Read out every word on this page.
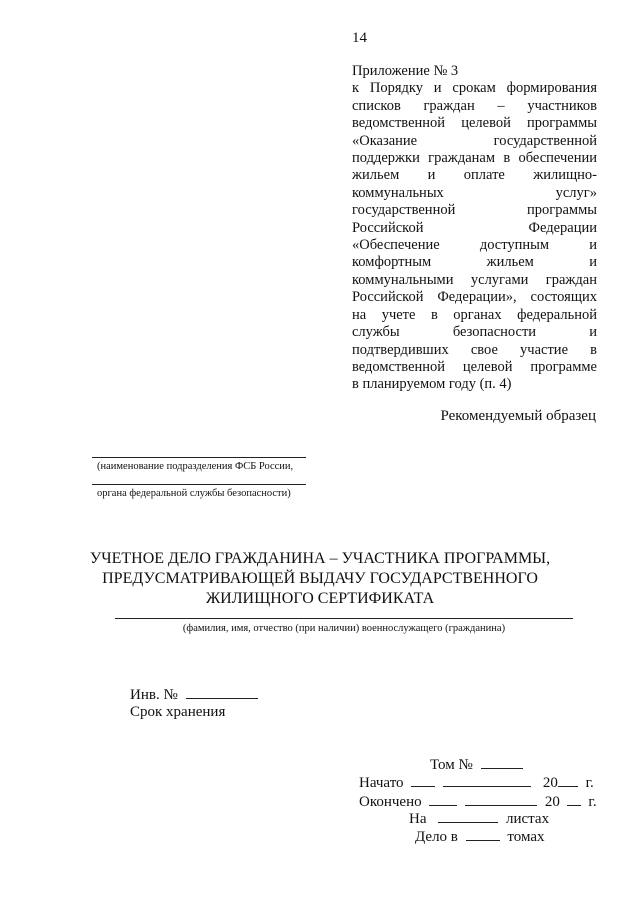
14
Приложение № 3
к Порядку и срокам формирования
списков граждан – участников
ведомственной целевой программы
«Оказание государственной
поддержки гражданам в обеспечении
жильем и оплате жилищно-
коммунальных услуг»
государственной программы
Российской Федерации
«Обеспечение доступным и
комфортным жильем и
коммунальными услугами граждан
Российской Федерации», состоящих
на учете в органах федеральной
службы безопасности и
подтвердивших свое участие в
ведомственной целевой программе
в планируемом году (п. 4)
Рекомендуемый образец
(наименование подразделения ФСБ России,
органа федеральной службы безопасности)
УЧЕТНОЕ ДЕЛО ГРАЖДАНИНА – УЧАСТНИКА ПРОГРАММЫ,
ПРЕДУСМАТРИВАЮЩЕЙ ВЫДАЧУ ГОСУДАРСТВЕННОГО
ЖИЛИЩНОГО СЕРТИФИКАТА
(фамилия, имя, отчество (при наличии) военнослужащего (гражданина)
Инв. №
Срок хранения
Том №
Начато	20 г.
Окончено	20 г.
На	листах
Дело в	томах
